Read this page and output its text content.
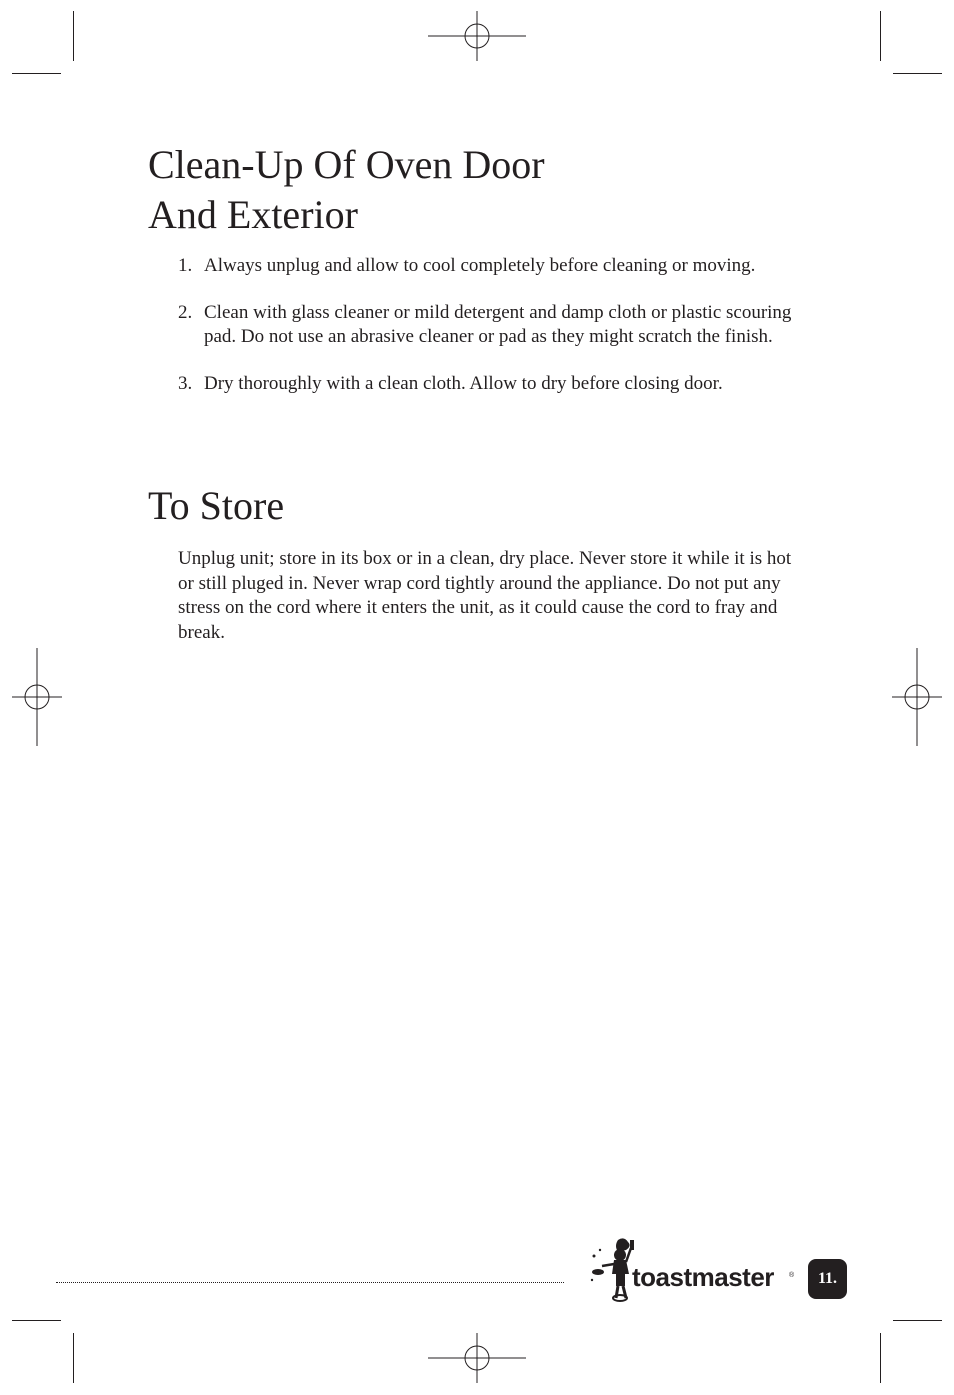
Clean-Up Of Oven Door
And Exterior
1. Always unplug and allow to cool completely before cleaning or moving.
2. Clean with glass cleaner or mild detergent and damp cloth or plastic scouring pad. Do not use an abrasive cleaner or pad as they might scratch the finish.
3. Dry thoroughly with a clean cloth. Allow to dry before closing door.
To Store

Unplug unit; store in its box or in a clean, dry place. Never store it while it is hot or still pluged in. Never wrap cord tightly around the appliance. Do not put any stress on the cord where it enters the unit, as it could cause the cord to fray and break.

toastmaster ®	11.
